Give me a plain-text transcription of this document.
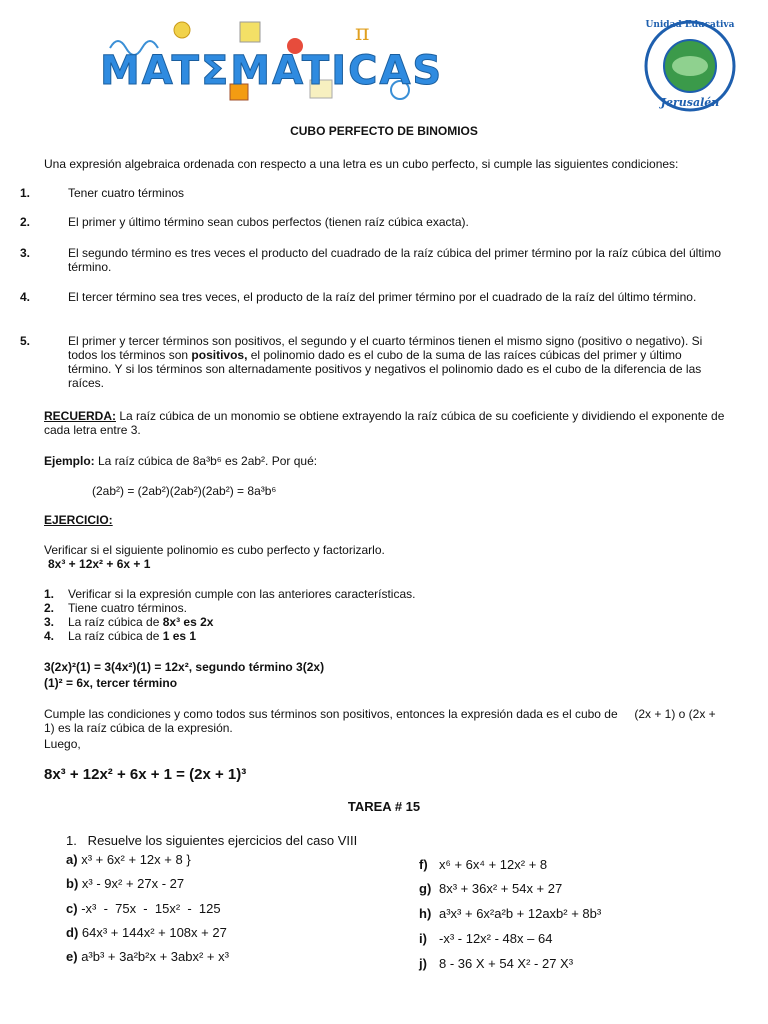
π
MATΣMATICAS
Unidad Educativa
Jerusalén
CUBO PERFECTO DE BINOMIOS
Una expresión algebraica ordenada con respecto a una letra es un cubo perfecto, si cumple las siguientes condiciones:
1.	Tener cuatro términos
2.	El primer y último término sean cubos perfectos (tienen raíz cúbica exacta).
3.	El segundo término es tres veces el producto del cuadrado de la raíz cúbica del primer término por la raíz cúbica del último término.
4.	El tercer término sea tres veces, el producto de la raíz del primer término por el cuadrado de la raíz del último término.
5.	El primer y tercer términos son positivos, el segundo y el cuarto términos tienen el mismo signo (positivo o negativo). Si todos los términos son positivos, el polinomio dado es el cubo de la suma de las raíces cúbicas del primer y último término. Y si los términos son alternadamente positivos y negativos el polinomio dado es el cubo de la diferencia de las raíces.
RECUERDA: La raíz cúbica de un monomio se obtiene extrayendo la raíz cúbica de su coeficiente y dividiendo el exponente de cada letra entre 3.
Ejemplo: La raíz cúbica de 8a³b⁶ es 2ab². Por qué:
(2ab²) = (2ab²)(2ab²)(2ab²) = 8a³b⁶
EJERCICIO:
Verificar si el siguiente polinomio es cubo perfecto y factorizarlo.
8x³ + 12x² + 6x + 1
1. Verificar si la expresión cumple con las anteriores características.
2. Tiene cuatro términos.
3. La raíz cúbica de 8x³ es 2x
4. La raíz cúbica de 1 es 1
3(2x)²(1) = 3(4x²)(1) = 12x², segundo término 3(2x)
(1)² = 6x, tercer término
Cumple las condiciones y como todos sus términos son positivos, entonces la expresión dada es el cubo de     (2x + 1) o (2x + 1) es la raíz cúbica de la expresión.
Luego,
8x³ + 12x² + 6x + 1 = (2x + 1)³
TAREA # 15
1.   Resuelve los siguientes ejercicios del caso VIII
a) x³ + 6x² + 12x + 8 }
b) x³ - 9x² + 27x - 27
c) -x³  -  75x  -  15x²  -  125
d) 64x³ + 144x² + 108x + 27
e) a³b³ + 3a²b²x + 3abx² + x³
f) x⁶ + 6x⁴ + 12x² + 8
g) 8x³ + 36x² + 54x + 27
h) a³x³ + 6x²a²b + 12axb² + 8b³
i) -x³ - 12x² - 48x – 64
j) 8 - 36 X + 54 X² - 27 X³
